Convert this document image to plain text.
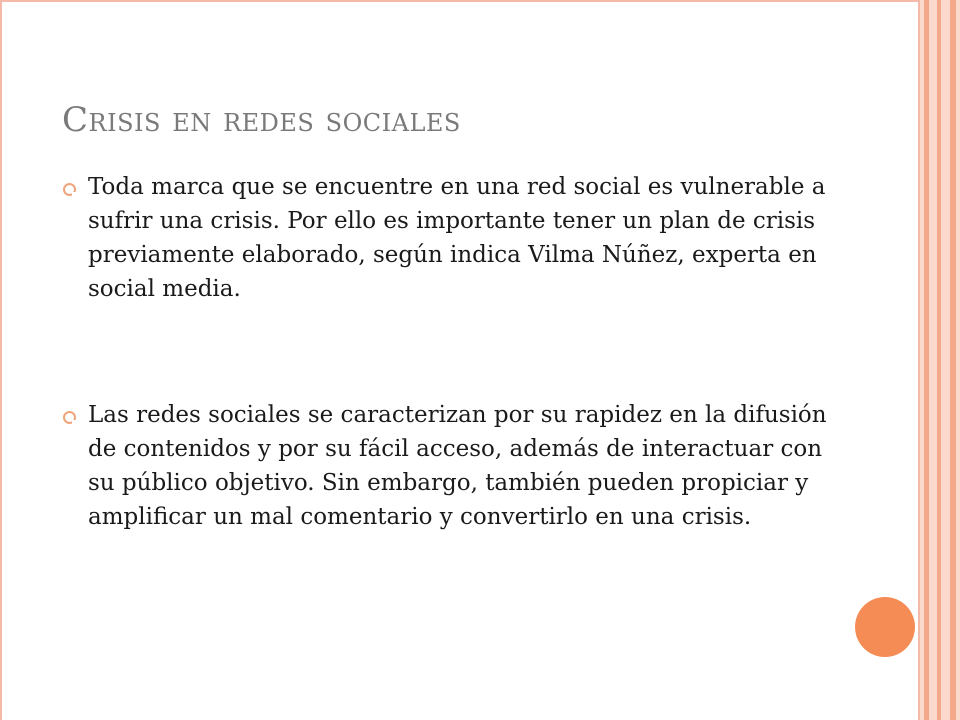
Crisis en redes sociales
Toda marca que se encuentre en una red social es vulnerable a sufrir una crisis. Por ello es importante tener un plan de crisis previamente elaborado, según indica Vilma Núñez, experta en social media.
Las redes sociales se caracterizan por su rapidez en la difusión de contenidos y por su fácil acceso, además de interactuar con su público objetivo. Sin embargo, también pueden propiciar y amplificar un mal comentario y convertirlo en una crisis.
